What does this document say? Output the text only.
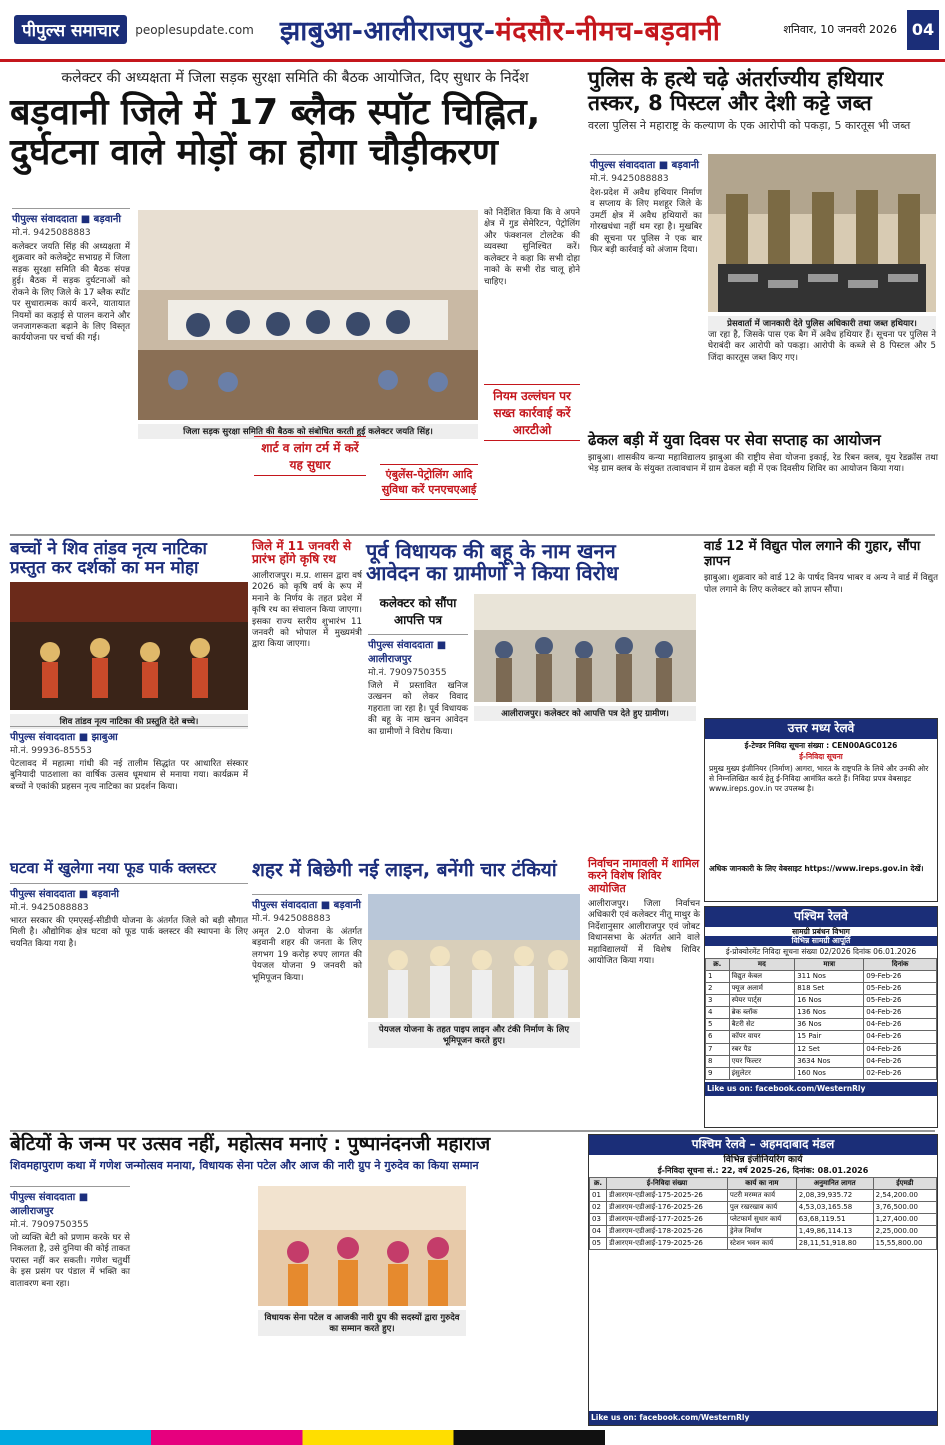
पीपुल्स समाचार	peoplesupdate.com झाबुआ-आलीराजपुर-मंदसौर-नीमच-बड़वानी	शनिवार, 10 जनवरी 2026 04
कलेक्टर की अध्यक्षता में जिला सड़क सुरक्षा समिति की बैठक आयोजित, दिए सुधार के निर्देश
बड़वानी जिले में 17 ब्लैक स्पॉट चिह्नित,
दुर्घटना वाले मोड़ों का होगा चौड़ीकरण
पीपुल्स संवाददाता ■ बड़वानी
मो.नं. 9425088883
कलेक्टर जयति सिंह की अध्यक्षता में शुक्रवार को कलेक्ट्रेट सभाग्रह में जिला सड़क सुरक्षा समिति की बैठक संपन्न हुई। बैठक में सड़क दुर्घटनाओं को रोकने के लिए जिले के 17 ब्लैक स्पॉट पर सुधारात्मक कार्य करने, यातायात नियमों का कड़ाई से पालन कराने और जनजागरूकता बढ़ाने के लिए विस्तृत कार्ययोजना पर चर्चा की गई।
जिला सड़क सुरक्षा समिति की बैठक को संबोधित करती हुई कलेक्टर जयति सिंह।
को निर्देशित किया कि वे अपने क्षेत्र में गुड सेमेरिटन, पेट्रोलिंग और फंक्शनल टोलटेक की व्यवस्था सुनिश्चित करें। कलेक्टर ने कहा कि सभी दोहा नाको के सभी रोड चालू होने चाहिए।
नियम उल्लंघन पर सख्त कार्रवाई करें आरटीओ
शार्ट व लांग टर्म में करें यह सुधार
एंबुलेंस-पेट्रोलिंग आदि सुविधा करें एनएचएआई
पुलिस के हत्थे चढ़े अंतर्राज्यीय हथियार
तस्कर, 8 पिस्टल और देशी कट्टे जब्त
वरला पुलिस ने महाराष्ट्र के कल्याण के एक आरोपी को पकड़ा, 5 कारतूस भी जब्त
पीपुल्स संवाददाता ■ बड़वानी
मो.नं. 9425088883
देश-प्रदेश में अवैध हथियार निर्माण व सप्लाय के लिए मशहूर जिले के उमर्टी क्षेत्र में अवैध हथियारों का गोरखधंधा नहीं थम रहा है। मुखबिर की सूचना पर पुलिस ने एक बार फिर बड़ी कार्रवाई को अंजाम दिया।
प्रेसवार्ता में जानकारी देते पुलिस अधिकारी तथा जब्त हथियार।
जा रहा है, जिसके पास एक बैग में अवैध हथियार हैं। सूचना पर पुलिस ने घेराबंदी कर आरोपी को पकड़ा। आरोपी के कब्जे से 8 पिस्टल और 5 जिंदा कारतूस जब्त किए गए।
ढेकल बड़ी में युवा दिवस पर सेवा सप्ताह का आयोजन
झाबुआ। शासकीय कन्या महाविद्यालय झाबुआ की राष्ट्रीय सेवा योजना इकाई, रेड रिबन क्लब, यूथ रेडक्रॉस तथा भेड़ ग्राम क्लब के संयुक्त तत्वावधान में ग्राम ढेकल बड़ी में एक दिवसीय शिविर का आयोजन किया गया।
बच्चों ने शिव तांडव नृत्य नाटिका
प्रस्तुत कर दर्शकों का मन मोहा
शिव तांडव नृत्य नाटिका की प्रस्तुति देते बच्चे।
पीपुल्स संवाददाता ■ झाबुआ
मो.नं. 99936-85553
पेटलावद में महात्मा गांधी की नई तालीम सिद्धांत पर आधारित संस्कार बुनियादी पाठशाला का वार्षिक उत्सव धूमधाम से मनाया गया। कार्यक्रम में बच्चों ने एकांकी प्रहसन नृत्य नाटिका का प्रदर्शन किया।
जिले में 11 जनवरी से
प्रारंभ होंगे कृषि रथ
आलीराजपुर। म.प्र. शासन द्वारा वर्ष 2026 को कृषि वर्ष के रूप में मनाने के निर्णय के तहत प्रदेश में कृषि रथ का संचालन किया जाएगा। इसका राज्य स्तरीय शुभारंभ 11 जनवरी को भोपाल में मुख्यमंत्री द्वारा किया जाएगा।
पूर्व विधायक की बहू के नाम खनन
आवेदन का ग्रामीणों ने किया विरोध
कलेक्टर को सौंपा आपत्ति पत्र
पीपुल्स संवाददाता ■ आलीराजपुर
मो.नं. 7909750355
जिले में प्रस्तावित खनिज उत्खनन को लेकर विवाद गहराता जा रहा है। पूर्व विधायक की बहू के नाम खनन आवेदन का ग्रामीणों ने विरोध किया।
आलीराजपुर। कलेक्टर को आपत्ति पत्र देते हुए ग्रामीण।
वार्ड 12 में विद्युत पोल लगाने की गुहार, सौंपा ज्ञापन
झाबुआ। शुक्रवार को वार्ड 12 के पार्षद विनय भाबर व अन्य ने वार्ड में विद्युत पोल लगाने के लिए कलेक्टर को ज्ञापन सौंपा।
उत्तर मध्य रेलवे
ई-टेण्डर निविदा सूचना संख्या : CEN00AGC0126
ई-निविदा सूचना
प्रमुख मुख्य इंजीनियर (निर्माण) आगरा, भारत के राष्ट्रपति के लिये और उनकी ओर से निम्नलिखित कार्य हेतु ई-निविदा आमंत्रित करते हैं। निविदा प्रपत्र वेबसाइट www.ireps.gov.in पर उपलब्ध है।
अधिक जानकारी के लिए वेबसाइट https://www.ireps.gov.in देखें।
घटवा में खुलेगा नया फूड पार्क क्लस्टर
पीपुल्स संवाददाता ■ बड़वानी
मो.नं. 9425088883
भारत सरकार की एमएसई-सीडीपी योजना के अंतर्गत जिले को बड़ी सौगात मिली है। औद्योगिक क्षेत्र घटवा को फूड पार्क क्लस्टर की स्थापना के लिए चयनित किया गया है।
शहर में बिछेगी नई लाइन, बनेंगी चार टंकियां
पीपुल्स संवाददाता ■ बड़वानी
मो.नं. 9425088883
अमृत 2.0 योजना के अंतर्गत बड़वानी शहर की जनता के लिए लगभग 19 करोड़ रुपए लागत की पेयजल योजना 9 जनवरी को भूमिपूजन किया।
पेयजल योजना के तहत पाइप लाइन और टंकी निर्माण के लिए भूमिपूजन करते हुए।
निर्वाचन नामावली में शामिल
करने विशेष शिविर आयोजित
आलीराजपुर। जिला निर्वाचन अधिकारी एवं कलेक्टर नीतू माथुर के निर्देशानुसार आलीराजपुर एवं जोबट विधानसभा के अंतर्गत आने वाले महाविद्यालयों में विशेष शिविर आयोजित किया गया।
पश्चिम रेलवे
सामग्री प्रबंधन विभाग
विभिन्न सामग्री आपूर्ति
ई-प्रोक्योरमेंट निविदा सूचना संख्या 02/2026 दिनांक 06.01.2026
क्र.	मद	मात्रा	दिनांक
1	विद्युत केबल	311 Nos	09-Feb-26
2	फ्यूज अलार्म	818 Set	05-Feb-26
3	स्पेयर पार्ट्स	16 Nos	05-Feb-26
4	ब्रेक ब्लॉक	136 Nos	04-Feb-26
5	बैटरी सेट	36 Nos	04-Feb-26
6	कॉपर वायर	15 Pair	04-Feb-26
7	रबर पैड	12 Set	04-Feb-26
8	एयर फिल्टर	3634 Nos	04-Feb-26
9	इंसुलेटर	160 Nos	02-Feb-26
Like us on: facebook.com/WesternRly
बेटियों के जन्म पर उत्सव नहीं, महोत्सव मनाएं : पुष्पानंदनजी महाराज
शिवमहापुराण कथा में गणेश जन्मोत्सव मनाया, विधायक सेना पटेल और आज की नारी ग्रुप ने गुरुदेव का किया सम्मान
पीपुल्स संवाददाता ■ आलीराजपुर
मो.नं. 7909750355
जो व्यक्ति बेटी को प्रणाम करके घर से निकलता है, उसे दुनिया की कोई ताकत परास्त नहीं कर सकती। गणेश चतुर्थी के इस प्रसंग पर पंडाल में भक्ति का वातावरण बना रहा।
विधायक सेना पटेल व आजकी नारी ग्रुप की सदस्यों द्वारा गुरुदेव का सम्मान करते हुए।
पश्चिम रेलवे – अहमदाबाद मंडल
विभिन्न इंजीनियरिंग कार्य
ई-निविदा सूचना सं.: 22, वर्ष 2025-26, दिनांक: 08.01.2026
क्र.	ई-निविदा संख्या	कार्य का नाम	अनुमानित लागत	ईएमडी
01	डीआरएम-एडीआई-175-2025-26	पटरी मरम्मत कार्य	2,08,39,935.72	2,54,200.00
02	डीआरएम-एडीआई-176-2025-26	पुल रखरखाव कार्य	4,53,03,165.58	3,76,500.00
03	डीआरएम-एडीआई-177-2025-26	प्लेटफार्म सुधार कार्य	63,68,119.51	1,27,400.00
04	डीआरएम-एडीआई-178-2025-26	ड्रेनेज निर्माण	1,49,86,114.13	2,25,000.00
05	डीआरएम-एडीआई-179-2025-26	स्टेशन भवन कार्य	28,11,51,918.80	15,55,800.00
Like us on: facebook.com/WesternRly
